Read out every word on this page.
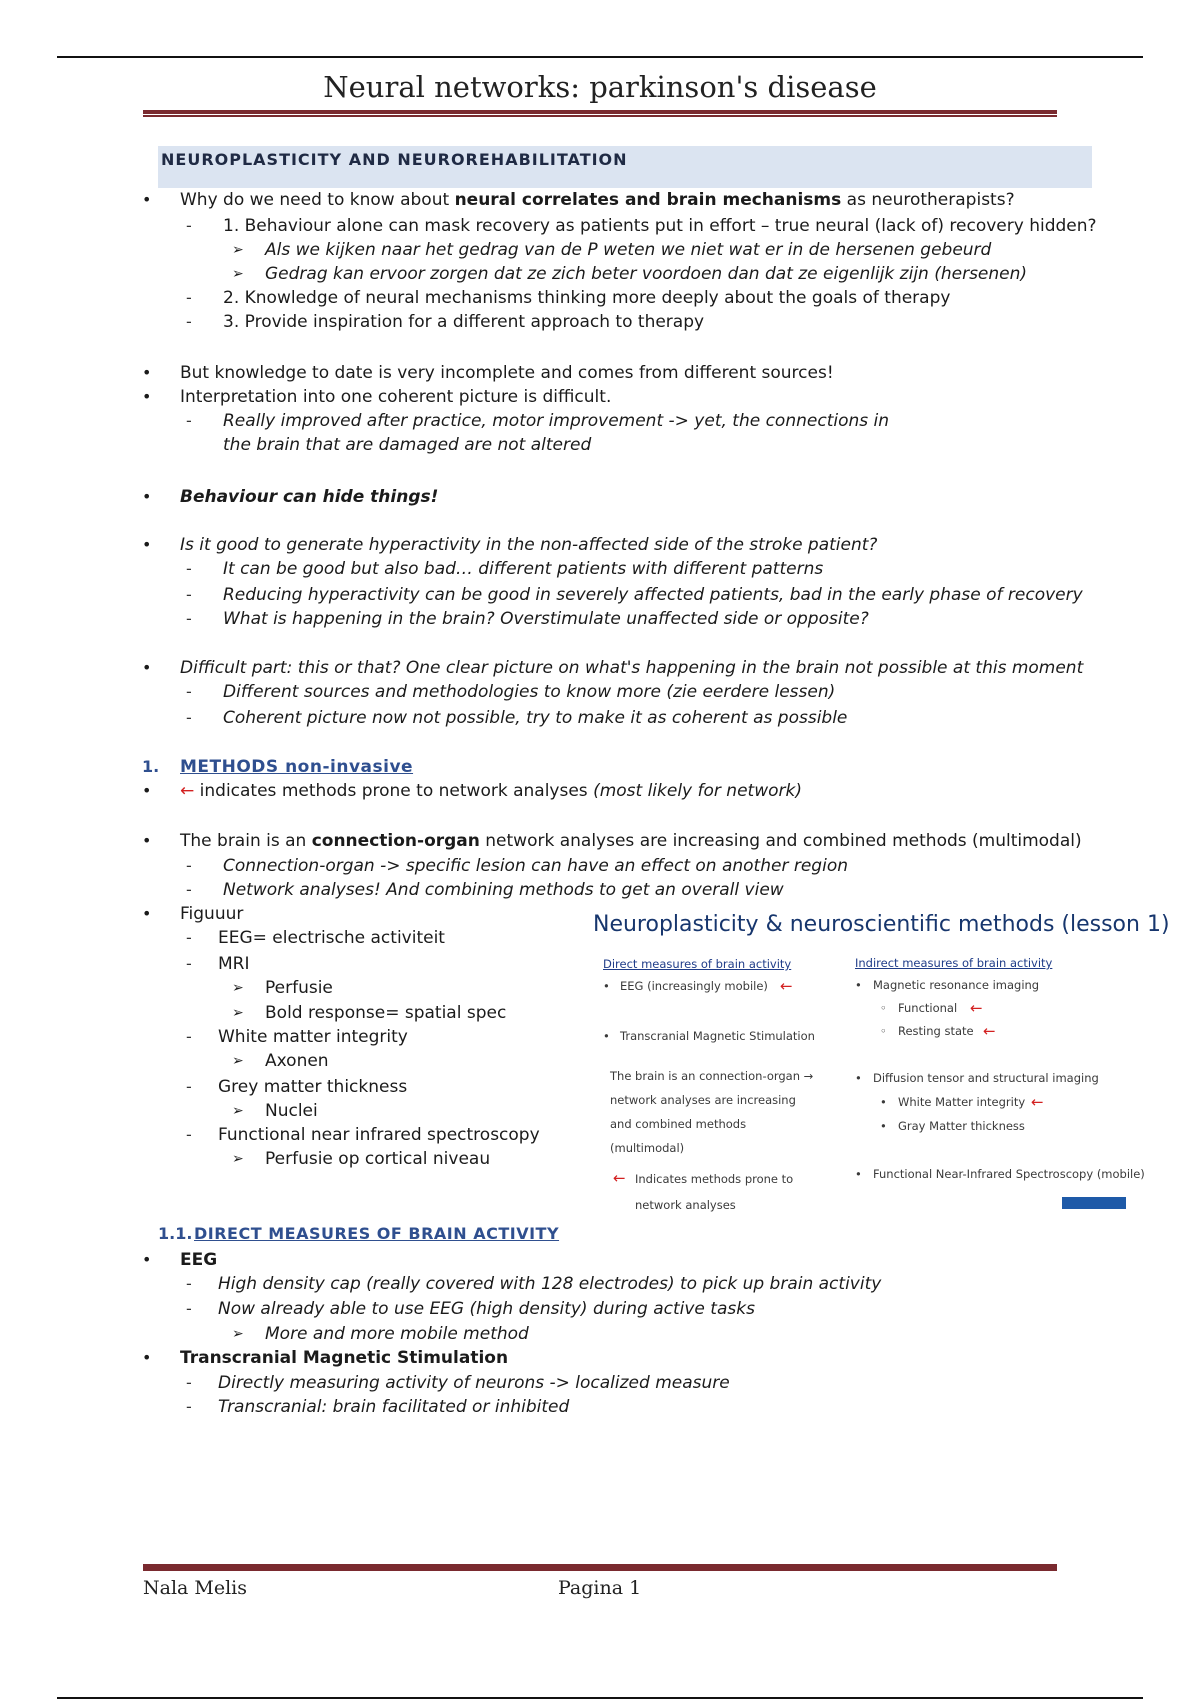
Neural networks: parkinson's disease
NEUROPLASTICITY AND NEUROREHABILITATION
• Why do we need to know about neural correlates and brain mechanisms as neurotherapists?
- 1. Behaviour alone can mask recovery as patients put in effort – true neural (lack of) recovery hidden?
➢ Als we kijken naar het gedrag van de P weten we niet wat er in de hersenen gebeurd
➢ Gedrag kan ervoor zorgen dat ze zich beter voordoen dan dat ze eigenlijk zijn (hersenen)
- 2. Knowledge of neural mechanisms thinking more deeply about the goals of therapy
- 3. Provide inspiration for a different approach to therapy
• But knowledge to date is very incomplete and comes from different sources!
• Interpretation into one coherent picture is difficult.
- Really improved after practice, motor improvement -> yet, the connections in
the brain that are damaged are not altered
• Behaviour can hide things!
• Is it good to generate hyperactivity in the non-affected side of the stroke patient?
- It can be good but also bad… different patients with different patterns
- Reducing hyperactivity can be good in severely affected patients, bad in the early phase of recovery
- What is happening in the brain? Overstimulate unaffected side or opposite?
• Difficult part: this or that? One clear picture on what's happening in the brain not possible at this moment
- Different sources and methodologies to know more (zie eerdere lessen)
- Coherent picture now not possible, try to make it as coherent as possible
1. METHODS non-invasive
• ← indicates methods prone to network analyses (most likely for network)
• The brain is an connection-organ network analyses are increasing and combined methods (multimodal)
- Connection-organ -> specific lesion can have an effect on another region
- Network analyses! And combining methods to get an overall view
• Figuuur
- EEG= electrische activiteit
- MRI
➢ Perfusie
➢ Bold response= spatial spec
- White matter integrity
➢ Axonen
- Grey matter thickness
➢ Nuclei
- Functional near infrared spectroscopy
➢ Perfusie op cortical niveau
Neuroplasticity & neuroscientific methods (lesson 1)
Direct measures of brain activity
• EEG (increasingly mobile) ←
• Transcranial Magnetic Stimulation
The brain is an connection-organ →
network analyses are increasing
and combined methods
(multimodal)
← Indicates methods prone to
network analyses
Indirect measures of brain activity
• Magnetic resonance imaging
◦ Functional ←
◦ Resting state ←
• Diffusion tensor and structural imaging
• White Matter integrity ←
• Gray Matter thickness
• Functional Near-Infrared Spectroscopy (mobile)
1.1. DIRECT MEASURES OF BRAIN ACTIVITY
• EEG
- High density cap (really covered with 128 electrodes) to pick up brain activity
- Now already able to use EEG (high density) during active tasks
➢ More and more mobile method
• Transcranial Magnetic Stimulation
- Directly measuring activity of neurons -> localized measure
- Transcranial: brain facilitated or inhibited
Nala Melis	Pagina 1
